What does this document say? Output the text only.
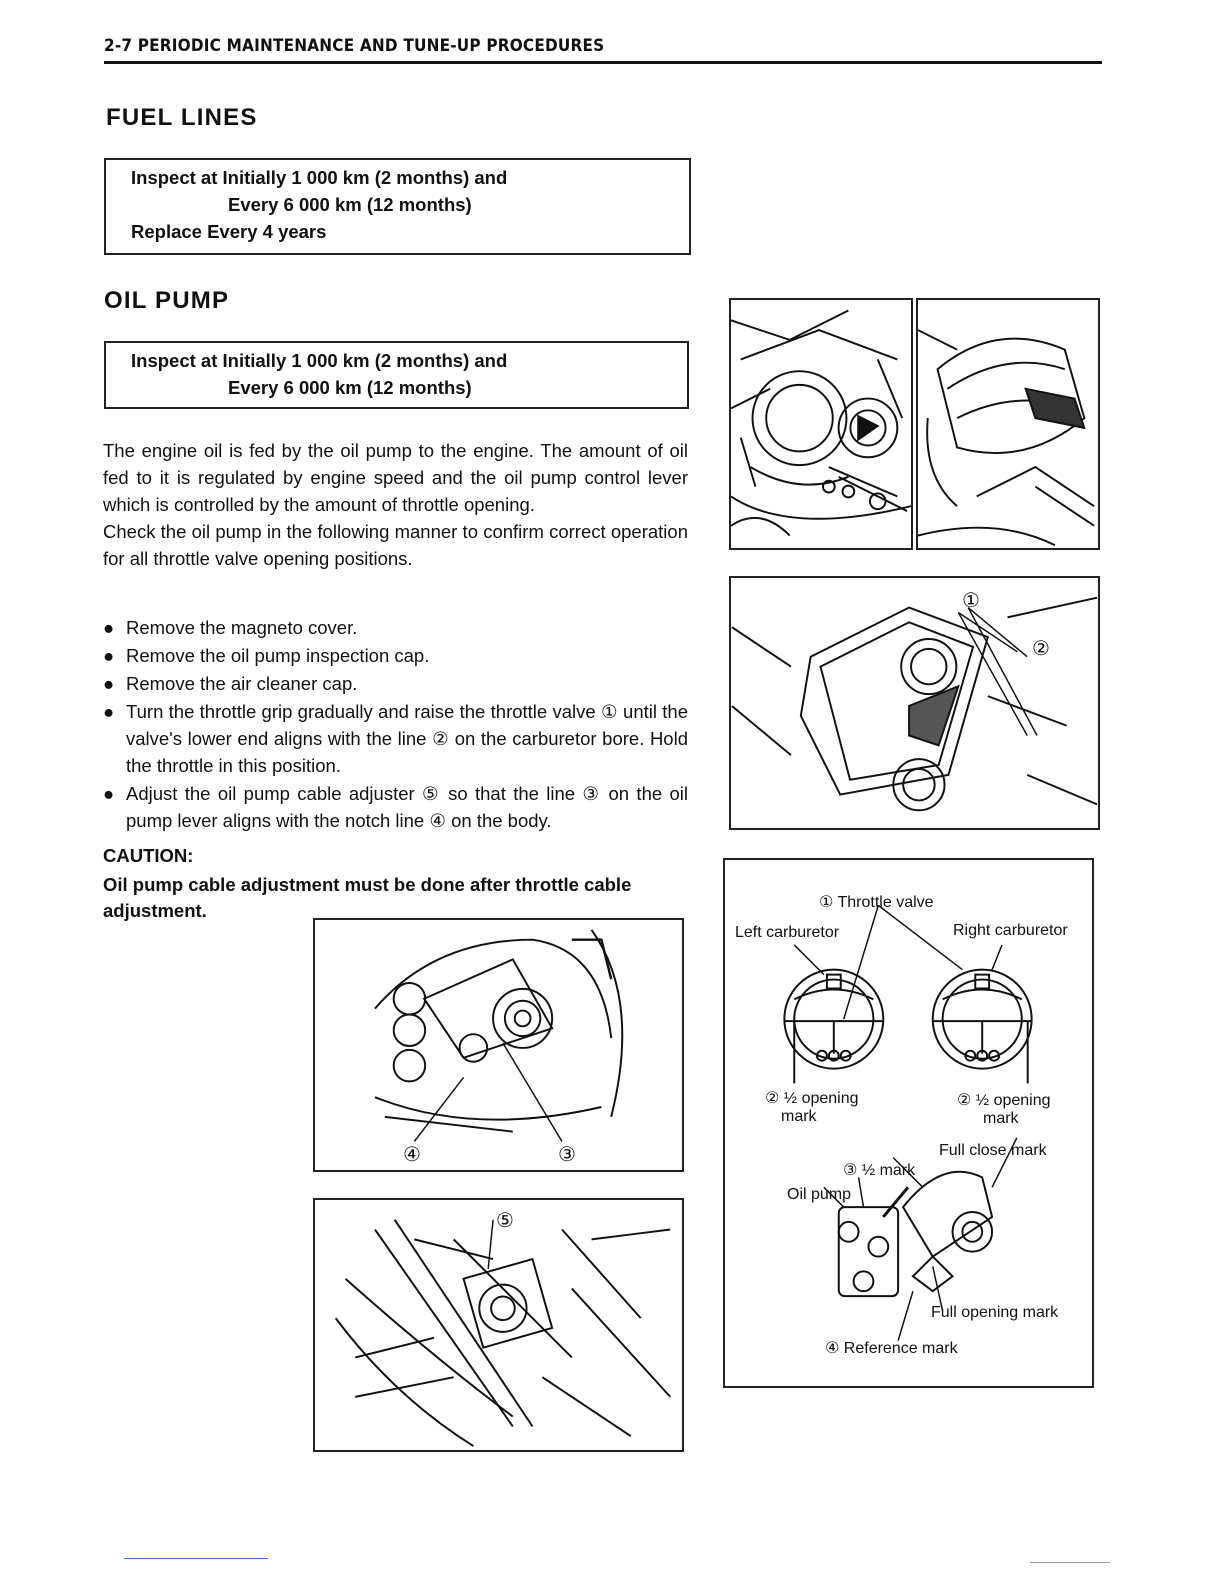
2-7 PERIODIC MAINTENANCE AND TUNE-UP PROCEDURES
FUEL LINES
Inspect at Initially 1 000 km (2 months) and
Every 6 000 km (12 months)
Replace Every 4 years
OIL PUMP
Inspect at Initially 1 000 km (2 months) and
Every 6 000 km (12 months)

The engine oil is fed by the oil pump to the engine. The amount of oil fed to it is regulated by engine speed and the oil pump control lever which is controlled by the amount of throttle opening.

Check the oil pump in the following manner to confirm correct operation for all throttle valve opening positions.

● Remove the magneto cover.
● Remove the oil pump inspection cap.
● Remove the air cleaner cap.
● Turn the throttle grip gradually and raise the throttle valve ① until the valve's lower end aligns with the line ② on the carburetor bore. Hold the throttle in this position.
● Adjust the oil pump cable adjuster ⑤ so that the line ③ on the oil pump lever aligns with the notch line ④ on the body.
CAUTION:
Oil pump cable adjustment must be done after throttle cable adjustment.
①
②
④	③
⑤
① Throttle valve
Left carburetor	Right carburetor
② ½ opening
mark
② ½ opening
mark
Full close mark
③ ½ mark
Oil pump
Full opening mark
④ Reference mark
